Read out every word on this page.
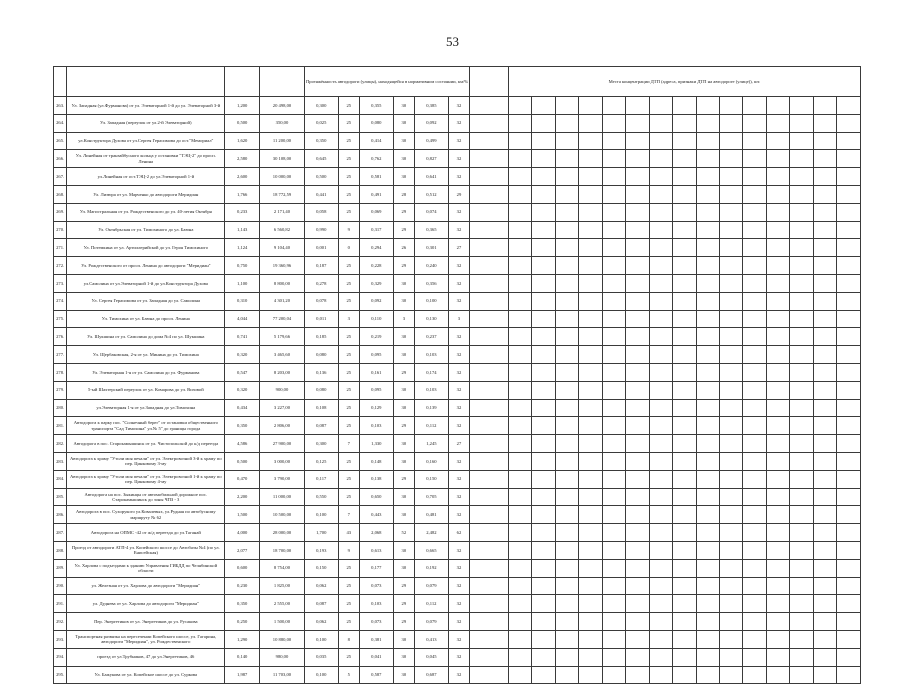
53
				Протяжённость автодороги (улицы), находящейся в нормативном состоянии, км/%							Места концентрации ДТП (адреса, признаки ДТП на автодороге (улице)), шт.														
263.	Ул. Западная (ул.Фурманова) от ул. Элеваторной 1-й до ул. Элеваторной 3-й	1,200	20 498,00	0,300	25	0,355	30	0,385	32																
264.	Ул. Западная (переулок от ул.2-й Элеваторной)	0,500	350,00	0,025	25	0,080	30	0,092	32																
265.	ул.Конструктора Духова от ул.Сергея Герасимова до ост."Мемориал"	1,620	11 200,00	0,350	25	0,414	30	0,499	32																
266.	Ул. Линейная от транзайбусного кольца у остановки "ТЭЦ-2" до просп. Ленина	2,580	30 108,00	0,645	25	0,762	30	0,827	32																
267.	ул.Линейная от ост.ТЭЦ-2 до ул.Элеваторной 1-й	2,600	10 000,00	0,500	25	0,581	30	0,641	32																
268.	Ул. Лизюра от ул. Марченко до автодороги Меридиан	1,766	18 772,59	0,441	25	0,491	28	0,512	29																
269.	Ул. Магистральная от ул. Рождественского до ул. 40-летия Октября	0,233	2 171,40	0,058	25	0,069	29	0,074	32																
270.	Ул. Октябрьская от ул. Тимохиного до ул. Баюна	1,143	6 560,82	0,990	9	0,317	29	0,365	32																
271.	Ул. Потемкина от ул. Артиллерийской до ул. Героя Тимохиного	1,124	9 104,40	0,001	0	0,294	26	0,301	27																
272.	Ул. Рождественского от просп. Ленина до автодороги "Меридиан"	0,750	19 360,96	0,187	25	0,228	29	0,240	32																
273.	ул.Самолина от ул.Элеваторной 1-й до ул.Конструктора Духова	1,100	8 800,00	0,278	25	0,329	30	0,356	32																
274.	Ул. Сергея Герасимова от ул. Западная до ул. Самолина	0,310	4 301,20	0,078	25	0,092	30	0,100	32																
275.	Ул. Тимохина от ул. Баюна до просп. Ленина	4,044	77 200,04	0,011	3	0,110	3	0,130	3																
276.	Ул. Шукшина от ул. Самолина до дома №4 по ул. Шукшина	0,741	5 179,66	0,185	25	0,219	30	0,237	32																
277.	Ул. Щербаковская, 2-я от ул. Минина до ул. Тимохина	0,320	3 465,60	0,080	25	0,095	30	0,103	32																
278.	Ул. Элеваторная 1-я от ул. Самолина до ул. Фурманова	0,547	8 203,00	0,136	25	0,161	29	0,174	32																
279.	5-ый Шахтерский переулок от ул. Комарова до ул. Визовой	0,320	900,00	0,080	25	0,095	30	0,103	32																
280.	ул.Элеваторная 1-я от ул.Западная до ул.Тимохина	0,434	3 227,00	0,108	25	0,129	30	0,139	32																
281.	Автодорога к парку пос. "Солнечный берег" от остановки общественного транспорта "Сад Тимохина" ул.№ 5" до границы города	0,350	2 806,00	0,087	25	0,103	29	0,112	32																
282.	Автодорога в пос. Старокамышинск от ул. Чистопольской до к/д переезда	4,586	27 900,00	0,300	7	1,330	30	1,245	27																
283.	Автодорога к храму "Утоли моя печали" от ул. Электровозной 3-й к храму по пер. Цинковому 3-му	0,500	3 000,00	0,125	25	0,148	30	0,160	32																
284.	Автодорога к храму "Утоли моя печали" от ул. Электровозной 1-й к храму по пер. Цинковому 4-му	0,470	3 790,00	0,117	25	0,138	29	0,150	32																
285.	Автодорога на пос. Зыкинцы от автомобильной дорожное пос. Старокамышинск до зоны ЧПЗ - 3	2,200	11 000,00	0,550	25	0,650	30	0,705	32																
286.	Автодорога в пос. Сухорукого ул.Ковалевых, ул.Рудная по автобусному маршруту № 62	1,500	10 500,00	0,100	7	0,443	30	0,481	32																
287.	Автодорога на ОПМС -42 от ж/д переезда до ул.Таганай	4,000	28 000,00	1,700	43	2,068	52	2,482	62																
288.	Проезд от автодороги АТП-4 ул. Копейского шоссе до Автобазы №4 (по ул. Енисейская)	2,077	18 700,00	0,193	9	0,613	30	0,665	32																
289.	Ул. Харлова с подъездами к зданию Управления ГИБДД по Челябинской области	0,600	8 754,00	0,150	25	0,177	30	0,192	32																
290.	ул. Железная от ул. Харлова до автодороги "Меридиан"	0,230	1 825,00	0,062	25	0,073	29	0,079	32																
291.	ул. Дуднева от ул. Харлова до автодороги "Меридиан"	0,350	2 555,00	0,087	25	0,103	29	0,112	32																
292.	Пер. Энергетиков от ул. Энергетиков до ул. Русакова	0,250	1 500,00	0,062	25	0,073	29	0,079	32																
293.	Транспортная развязка на пересечении Копейского шоссе, ул. Гагарина, автодороги "Меридиан", ул. Рождественского	1,290	10 880,00	0,100	8	0,381	30	0,413	32																
294.	проезд от ул.Трубников, 47 до ул.Энергетиков, 46	0,140	980,00	0,035	25	0,041	30	0,045	32																
295.	Ул. Бажукова от ул. Копейское шоссе до ул. Суркова	1,987	11 703,00	0,100	5	0,587	30	0,687	32																
